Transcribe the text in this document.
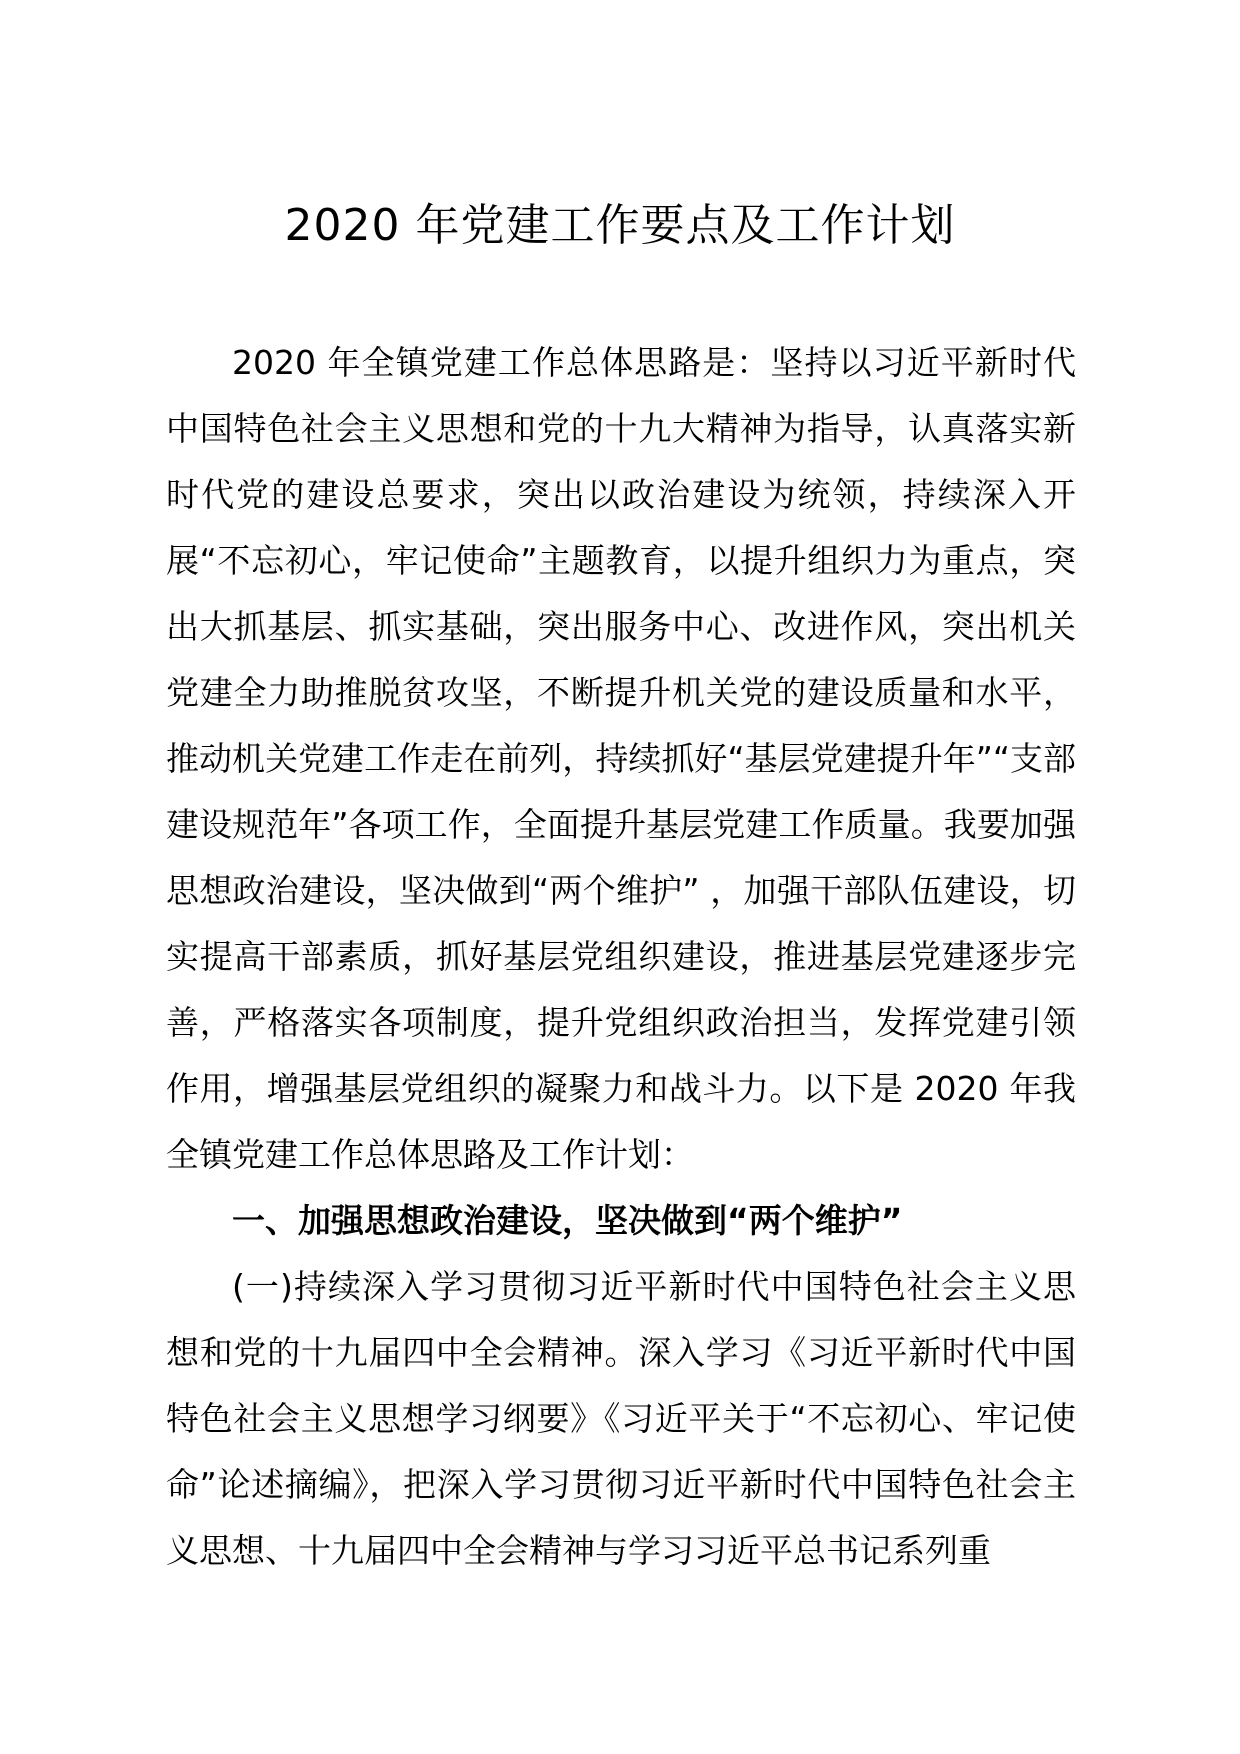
2020 年党建工作要点及工作计划

2020 年全镇党建工作总体思路是：坚持以习近平新时代中国特色社会主义思想和党的十九大精神为指导，认真落实新时代党的建设总要求，突出以政治建设为统领，持续深入开展“不忘初心，牢记使命”主题教育，以提升组织力为重点，突出大抓基层、抓实基础，突出服务中心、改进作风，突出机关党建全力助推脱贫攻坚，不断提升机关党的建设质量和水平，推动机关党建工作走在前列，持续抓好“基层党建提升年”“支部建设规范年”各项工作，全面提升基层党建工作质量。我要加强思想政治建设，坚决做到“两个维护” ，加强干部队伍建设，切实提高干部素质，抓好基层党组织建设，推进基层党建逐步完善，严格落实各项制度，提升党组织政治担当，发挥党建引领作用，增强基层党组织的凝聚力和战斗力。以下是 2020 年我全镇党建工作总体思路及工作计划：

一、加强思想政治建设，坚决做到“两个维护”

(一)持续深入学习贯彻习近平新时代中国特色社会主义思想和党的十九届四中全会精神。深入学习《习近平新时代中国特色社会主义思想学习纲要》《习近平关于“不忘初心、牢记使命”论述摘编》，把深入学习贯彻习近平新时代中国特色社会主义思想、十九届四中全会精神与学习习近平总书记系列重
